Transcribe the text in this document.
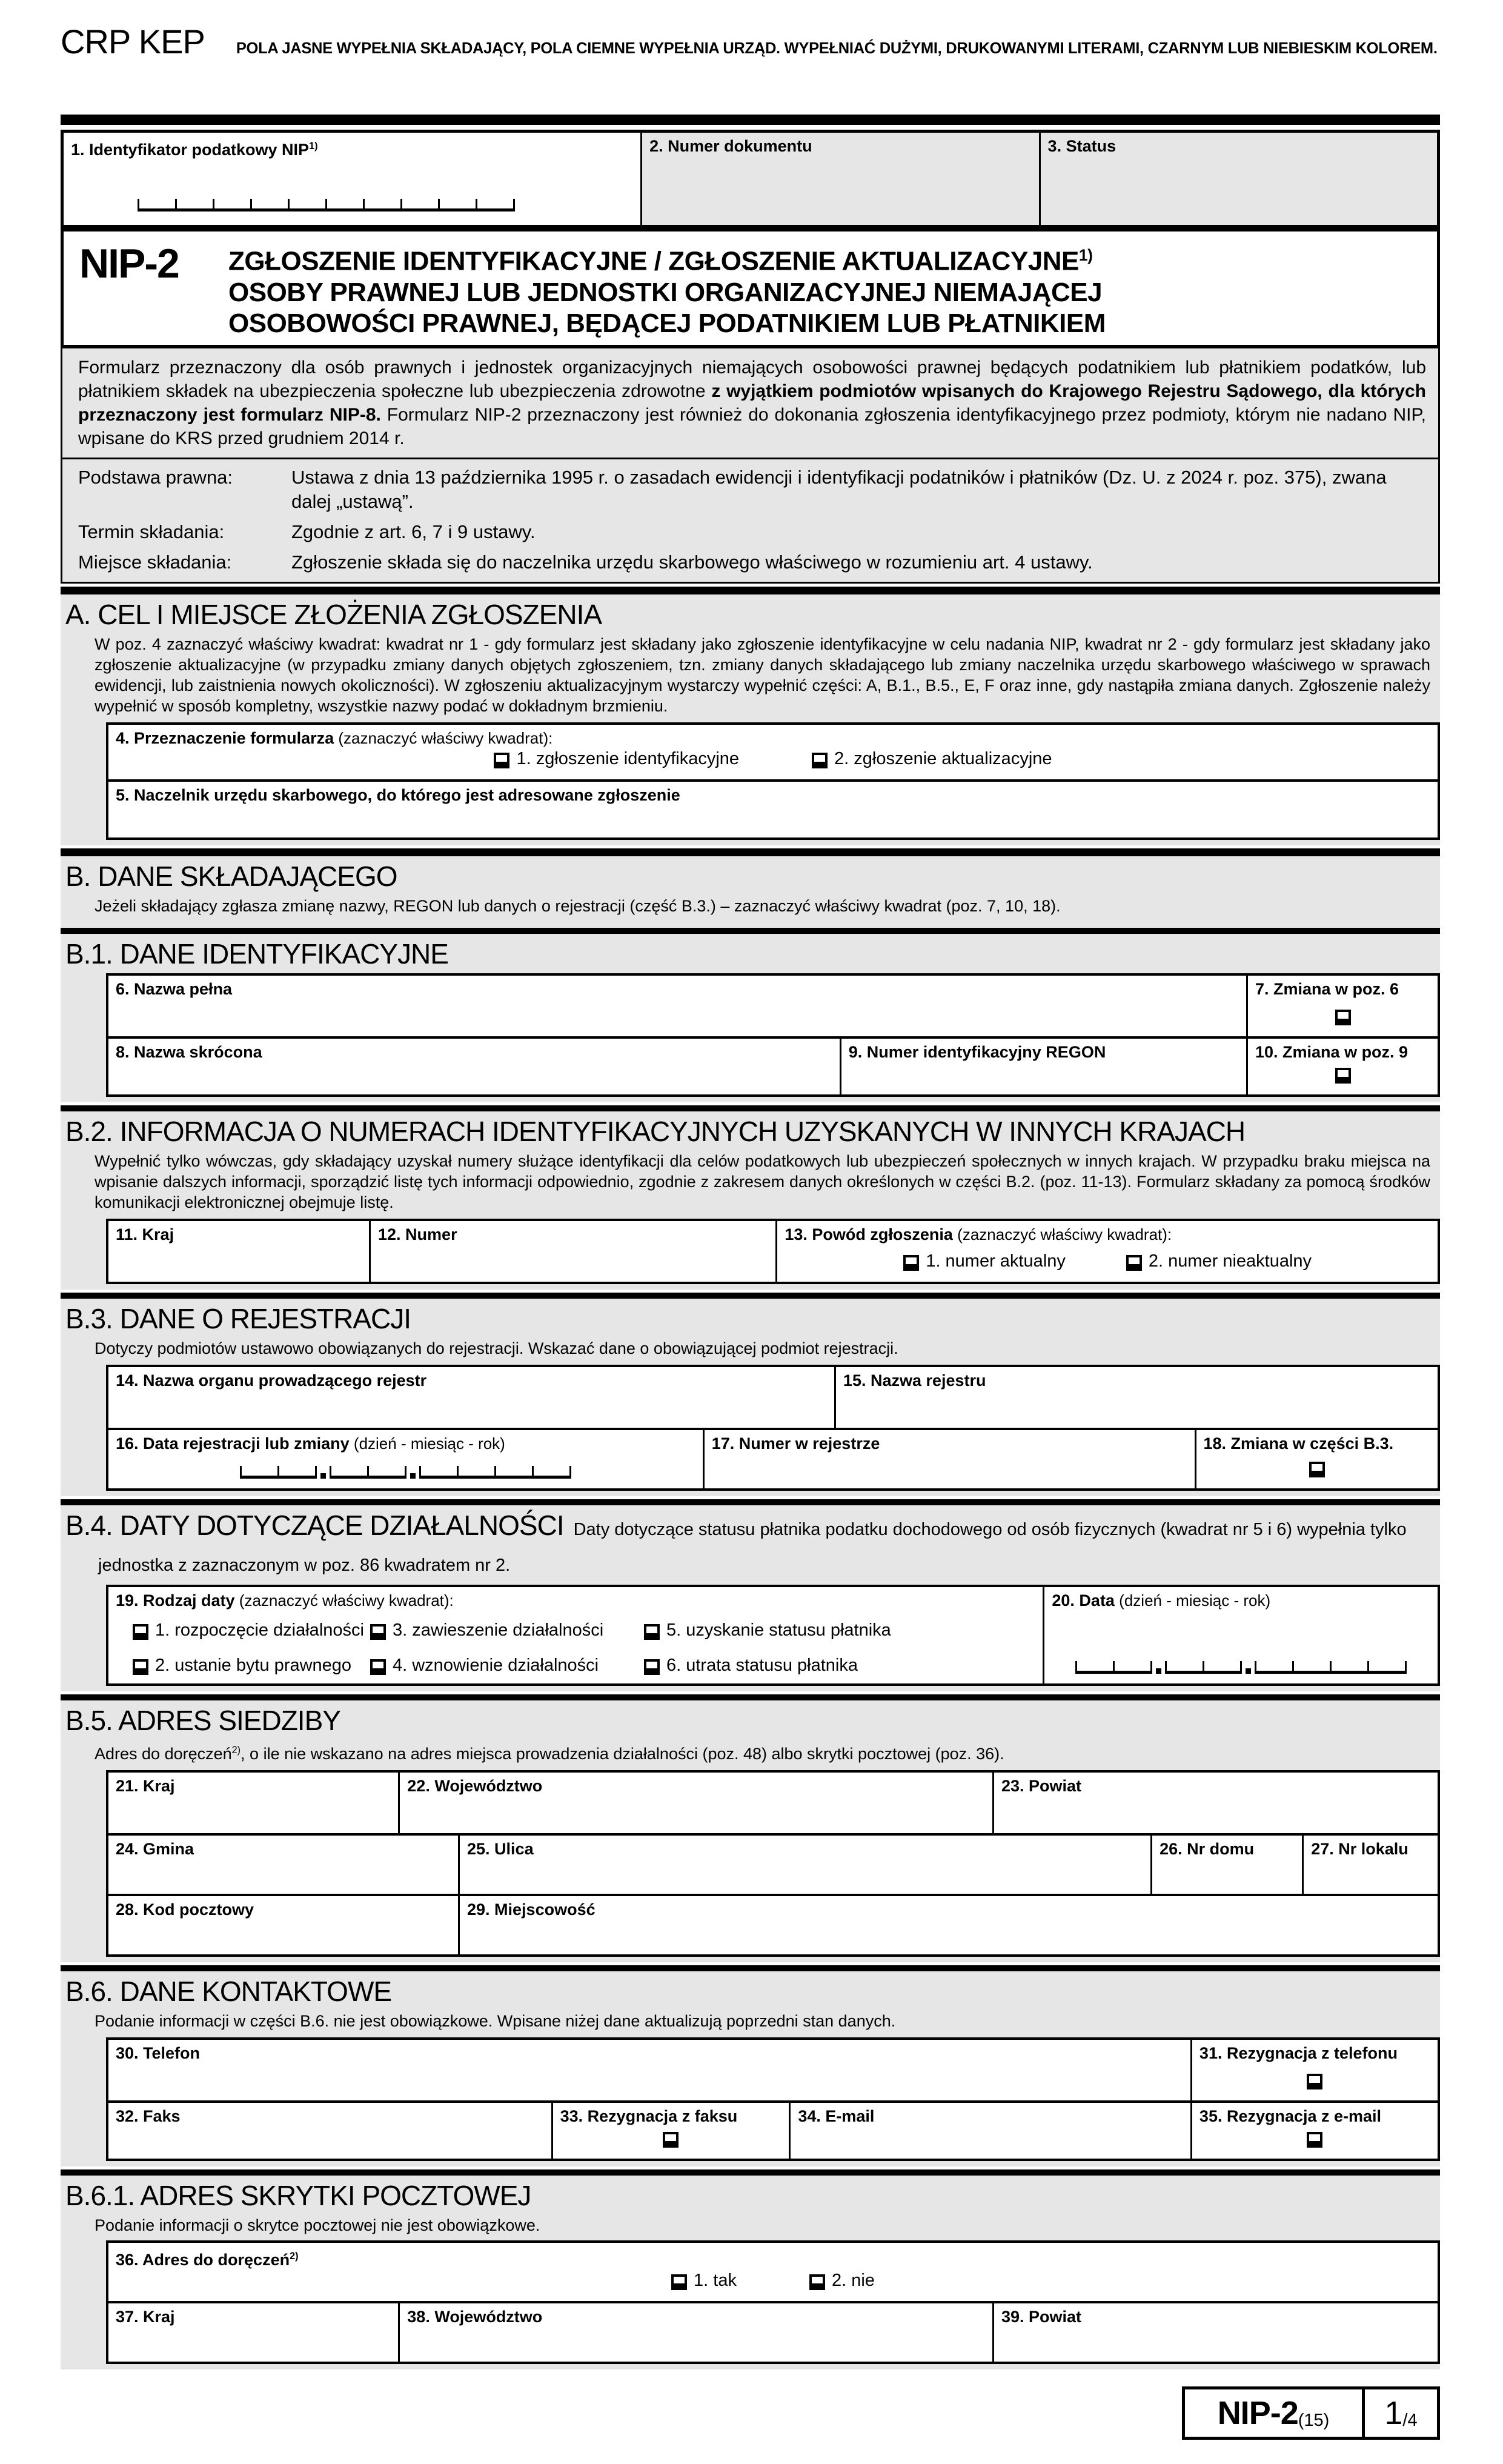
CRP KEP POLA JASNE WYPEŁNIA SKŁADAJĄCY, POLA CIEMNE WYPEŁNIA URZĄD. WYPEŁNIAĆ DUŻYMI, DRUKOWANYMI LITERAMI, CZARNYM LUB NIEBIESKIM KOLOREM.
1. Identyfikator podatkowy NIP$^{1)}$	2. Numer dokumentu	3. Status
NIP-2	ZGŁOSZENIE IDENTYFIKACYJNE / ZGŁOSZENIE AKTUALIZACYJNE$^{1)}$
OSOBY PRAWNEJ LUB JEDNOSTKI ORGANIZACYJNEJ NIEMAJĄCEJ
OSOBOWOŚCI PRAWNEJ, BĘDĄCEJ PODATNIKIEM LUB PŁATNIKIEM
Formularz przeznaczony dla osób prawnych i jednostek organizacyjnych niemających osobowości prawnej będących podatnikiem lub płatnikiem podatków, lub płatnikiem składek na ubezpieczenia społeczne lub ubezpieczenia zdrowotne z wyjątkiem podmiotów wpisanych do Krajowego Rejestru Sądowego, dla których przeznaczony jest formularz NIP-8. Formularz NIP-2 przeznaczony jest również do dokonania zgłoszenia identyfikacyjnego przez podmioty, którym nie nadano NIP, wpisane do KRS przed grudniem 2014 r.
Podstawa prawna:	Ustawa z dnia 13 października 1995 r. o zasadach ewidencji i identyfikacji podatników i płatników (Dz. U. z 2024 r. poz. 375), zwana dalej „ustawą”.
Termin składania:	Zgodnie z art. 6, 7 i 9 ustawy.
Miejsce składania:	Zgłoszenie składa się do naczelnika urzędu skarbowego właściwego w rozumieniu art. 4 ustawy.
A. CEL I MIEJSCE ZŁOŻENIA ZGŁOSZENIA
W poz. 4 zaznaczyć właściwy kwadrat: kwadrat nr 1 - gdy formularz jest składany jako zgłoszenie identyfikacyjne w celu nadania NIP, kwadrat nr 2 - gdy formularz jest składany jako zgłoszenie aktualizacyjne (w przypadku zmiany danych objętych zgłoszeniem, tzn. zmiany danych składającego lub zmiany naczelnika urzędu skarbowego właściwego w sprawach ewidencji, lub zaistnienia nowych okoliczności). W zgłoszeniu aktualizacyjnym wystarczy wypełnić części: A, B.1., B.5., E, F oraz inne, gdy nastąpiła zmiana danych. Zgłoszenie należy wypełnić w sposób kompletny, wszystkie nazwy podać w dokładnym brzmieniu.
4. Przeznaczenie formularza (zaznaczyć właściwy kwadrat):
1. zgłoszenie identyfikacyjne	2. zgłoszenie aktualizacyjne
5. Naczelnik urzędu skarbowego, do którego jest adresowane zgłoszenie
B. DANE SKŁADAJĄCEGO
Jeżeli składający zgłasza zmianę nazwy, REGON lub danych o rejestracji (część B.3.) – zaznaczyć właściwy kwadrat (poz. 7, 10, 18).
B.1. DANE IDENTYFIKACYJNE
6. Nazwa pełna	7. Zmiana w poz. 6
8. Nazwa skrócona	9. Numer identyfikacyjny REGON	10. Zmiana w poz. 9
B.2. INFORMACJA O NUMERACH IDENTYFIKACYJNYCH UZYSKANYCH W INNYCH KRAJACH
Wypełnić tylko wówczas, gdy składający uzyskał numery służące identyfikacji dla celów podatkowych lub ubezpieczeń społecznych w innych krajach. W przypadku braku miejsca na wpisanie dalszych informacji, sporządzić listę tych informacji odpowiednio, zgodnie z zakresem danych określonych w części B.2. (poz. 11-13). Formularz składany za pomocą środków komunikacji elektronicznej obejmuje listę.
11. Kraj	12. Numer	13. Powód zgłoszenia (zaznaczyć właściwy kwadrat):
1. numer aktualny	2. numer nieaktualny
B.3. DANE O REJESTRACJI
Dotyczy podmiotów ustawowo obowiązanych do rejestracji. Wskazać dane o obowiązującej podmiot rejestracji.
14. Nazwa organu prowadzącego rejestr	15. Nazwa rejestru
16. Data rejestracji lub zmiany (dzień - miesiąc - rok)	17. Numer w rejestrze	18. Zmiana w części B.3.
B.4. DATY DOTYCZĄCE DZIAŁALNOŚCI Daty dotyczące statusu płatnika podatku dochodowego od osób fizycznych (kwadrat nr 5 i 6) wypełnia tylko jednostka z zaznaczonym w poz. 86 kwadratem nr 2.
19. Rodzaj daty (zaznaczyć właściwy kwadrat):
1. rozpoczęcie działalności 3. zawieszenie działalności	5. uzyskanie statusu płatnika
2. ustanie bytu prawnego 4. wznowienie działalności	6. utrata statusu płatnika
20. Data (dzień - miesiąc - rok)
B.5. ADRES SIEDZIBY
Adres do doręczeń$^{2)}$, o ile nie wskazano na adres miejsca prowadzenia działalności (poz. 48) albo skrytki pocztowej (poz. 36).
21. Kraj	22. Województwo	23. Powiat
24. Gmina	25. Ulica	26. Nr domu	27. Nr lokalu
28. Kod pocztowy	29. Miejscowość
B.6. DANE KONTAKTOWE
Podanie informacji w części B.6. nie jest obowiązkowe. Wpisane niżej dane aktualizują poprzedni stan danych.
30. Telefon	31. Rezygnacja z telefonu
32. Faks	33. Rezygnacja z faksu	34. E-mail	35. Rezygnacja z e-mail
B.6.1. ADRES SKRYTKI POCZTOWEJ
Podanie informacji o skrytce pocztowej nie jest obowiązkowe.
36. Adres do doręczeń$^{2)}$
1. tak	2. nie
37. Kraj	38. Województwo	39. Powiat
NIP-2 (15) 1 /4
